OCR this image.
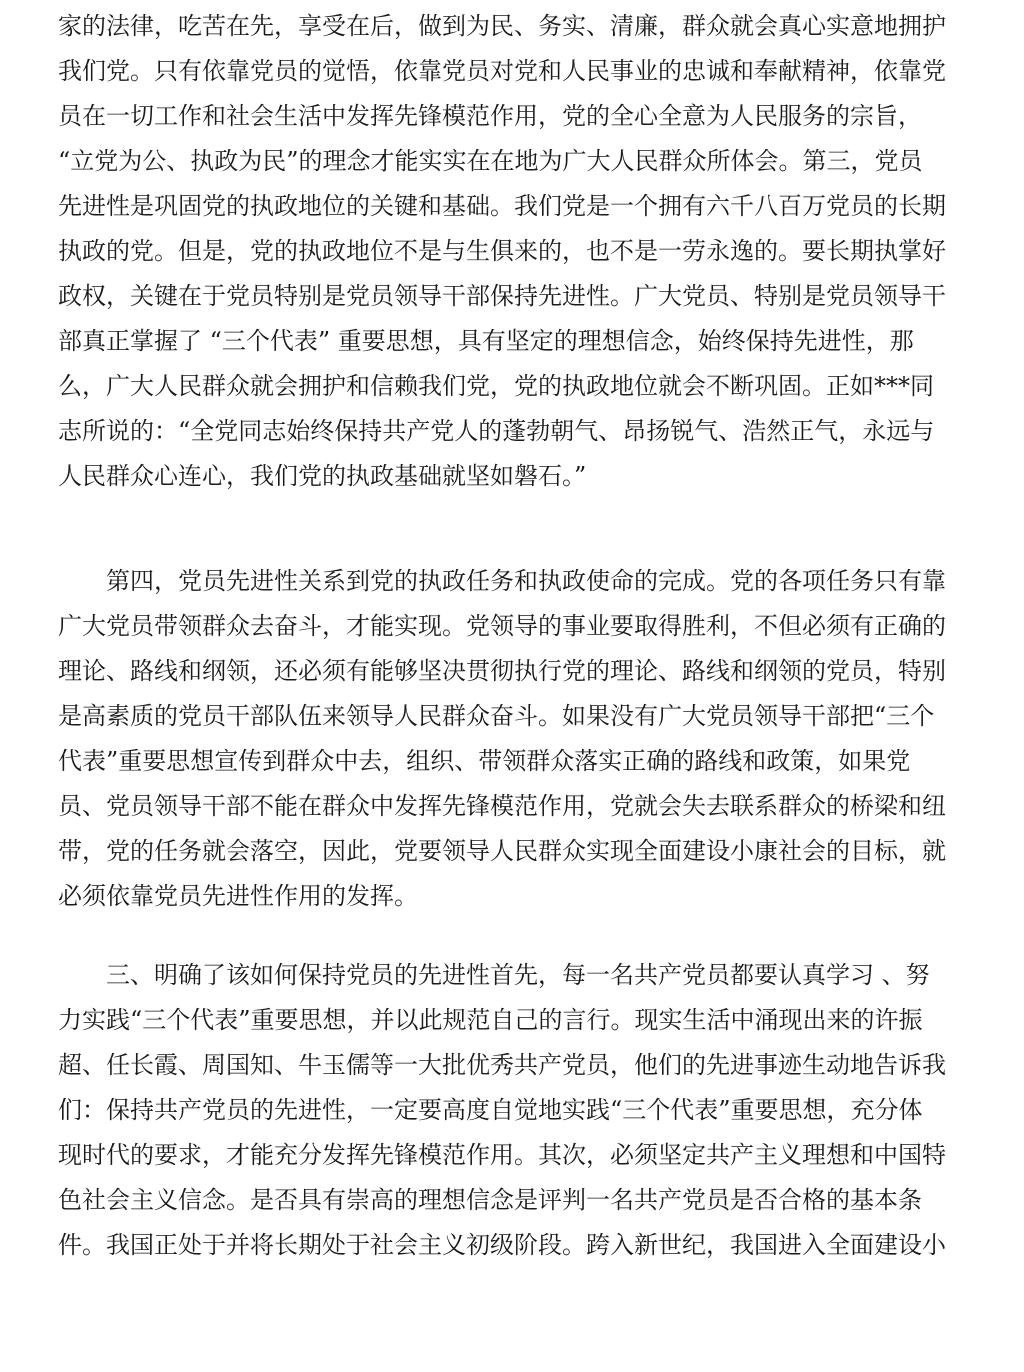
家的法律，吃苦在先，享受在后，做到为民、务实、清廉，群众就会真心实意地拥护
我们党。只有依靠党员的觉悟，依靠党员对党和人民事业的忠诚和奉献精神，依靠党
员在一切工作和社会生活中发挥先锋模范作用，党的全心全意为人民服务的宗旨，
“立党为公、执政为民”的理念才能实实在在地为广大人民群众所体会。第三，党员
先进性是巩固党的执政地位的关键和基础。我们党是一个拥有六千八百万党员的长期
执政的党。但是，党的执政地位不是与生俱来的，也不是一劳永逸的。要长期执掌好
政权，关键在于党员特别是党员领导干部保持先进性。广大党员、特别是党员领导干
部真正掌握了 “三个代表” 重要思想，具有坚定的理想信念，始终保持先进性，那
么，广大人民群众就会拥护和信赖我们党，党的执政地位就会不断巩固。正如***同
志所说的：“全党同志始终保持共产党人的蓬勃朝气、昂扬锐气、浩然正气，永远与
人民群众心连心，我们党的执政基础就坚如磐石。”
第四，党员先进性关系到党的执政任务和执政使命的完成。党的各项任务只有靠
广大党员带领群众去奋斗，才能实现。党领导的事业要取得胜利，不但必须有正确的
理论、路线和纲领，还必须有能够坚决贯彻执行党的理论、路线和纲领的党员，特别
是高素质的党员干部队伍来领导人民群众奋斗。如果没有广大党员领导干部把“三个
代表”重要思想宣传到群众中去，组织、带领群众落实正确的路线和政策，如果党
员、党员领导干部不能在群众中发挥先锋模范作用，党就会失去联系群众的桥梁和纽
带，党的任务就会落空，因此，党要领导人民群众实现全面建设小康社会的目标，就
必须依靠党员先进性作用的发挥。
三、明确了该如何保持党员的先进性首先，每一名共产党员都要认真学习 、努
力实践“三个代表”重要思想，并以此规范自己的言行。现实生活中涌现出来的许振
超、任长霞、周国知、牛玉儒等一大批优秀共产党员，他们的先进事迹生动地告诉我
们：保持共产党员的先进性，一定要高度自觉地实践“三个代表”重要思想，充分体
现时代的要求，才能充分发挥先锋模范作用。其次，必须坚定共产主义理想和中国特
色社会主义信念。是否具有崇高的理想信念是评判一名共产党员是否合格的基本条
件。我国正处于并将长期处于社会主义初级阶段。跨入新世纪，我国进入全面建设小
